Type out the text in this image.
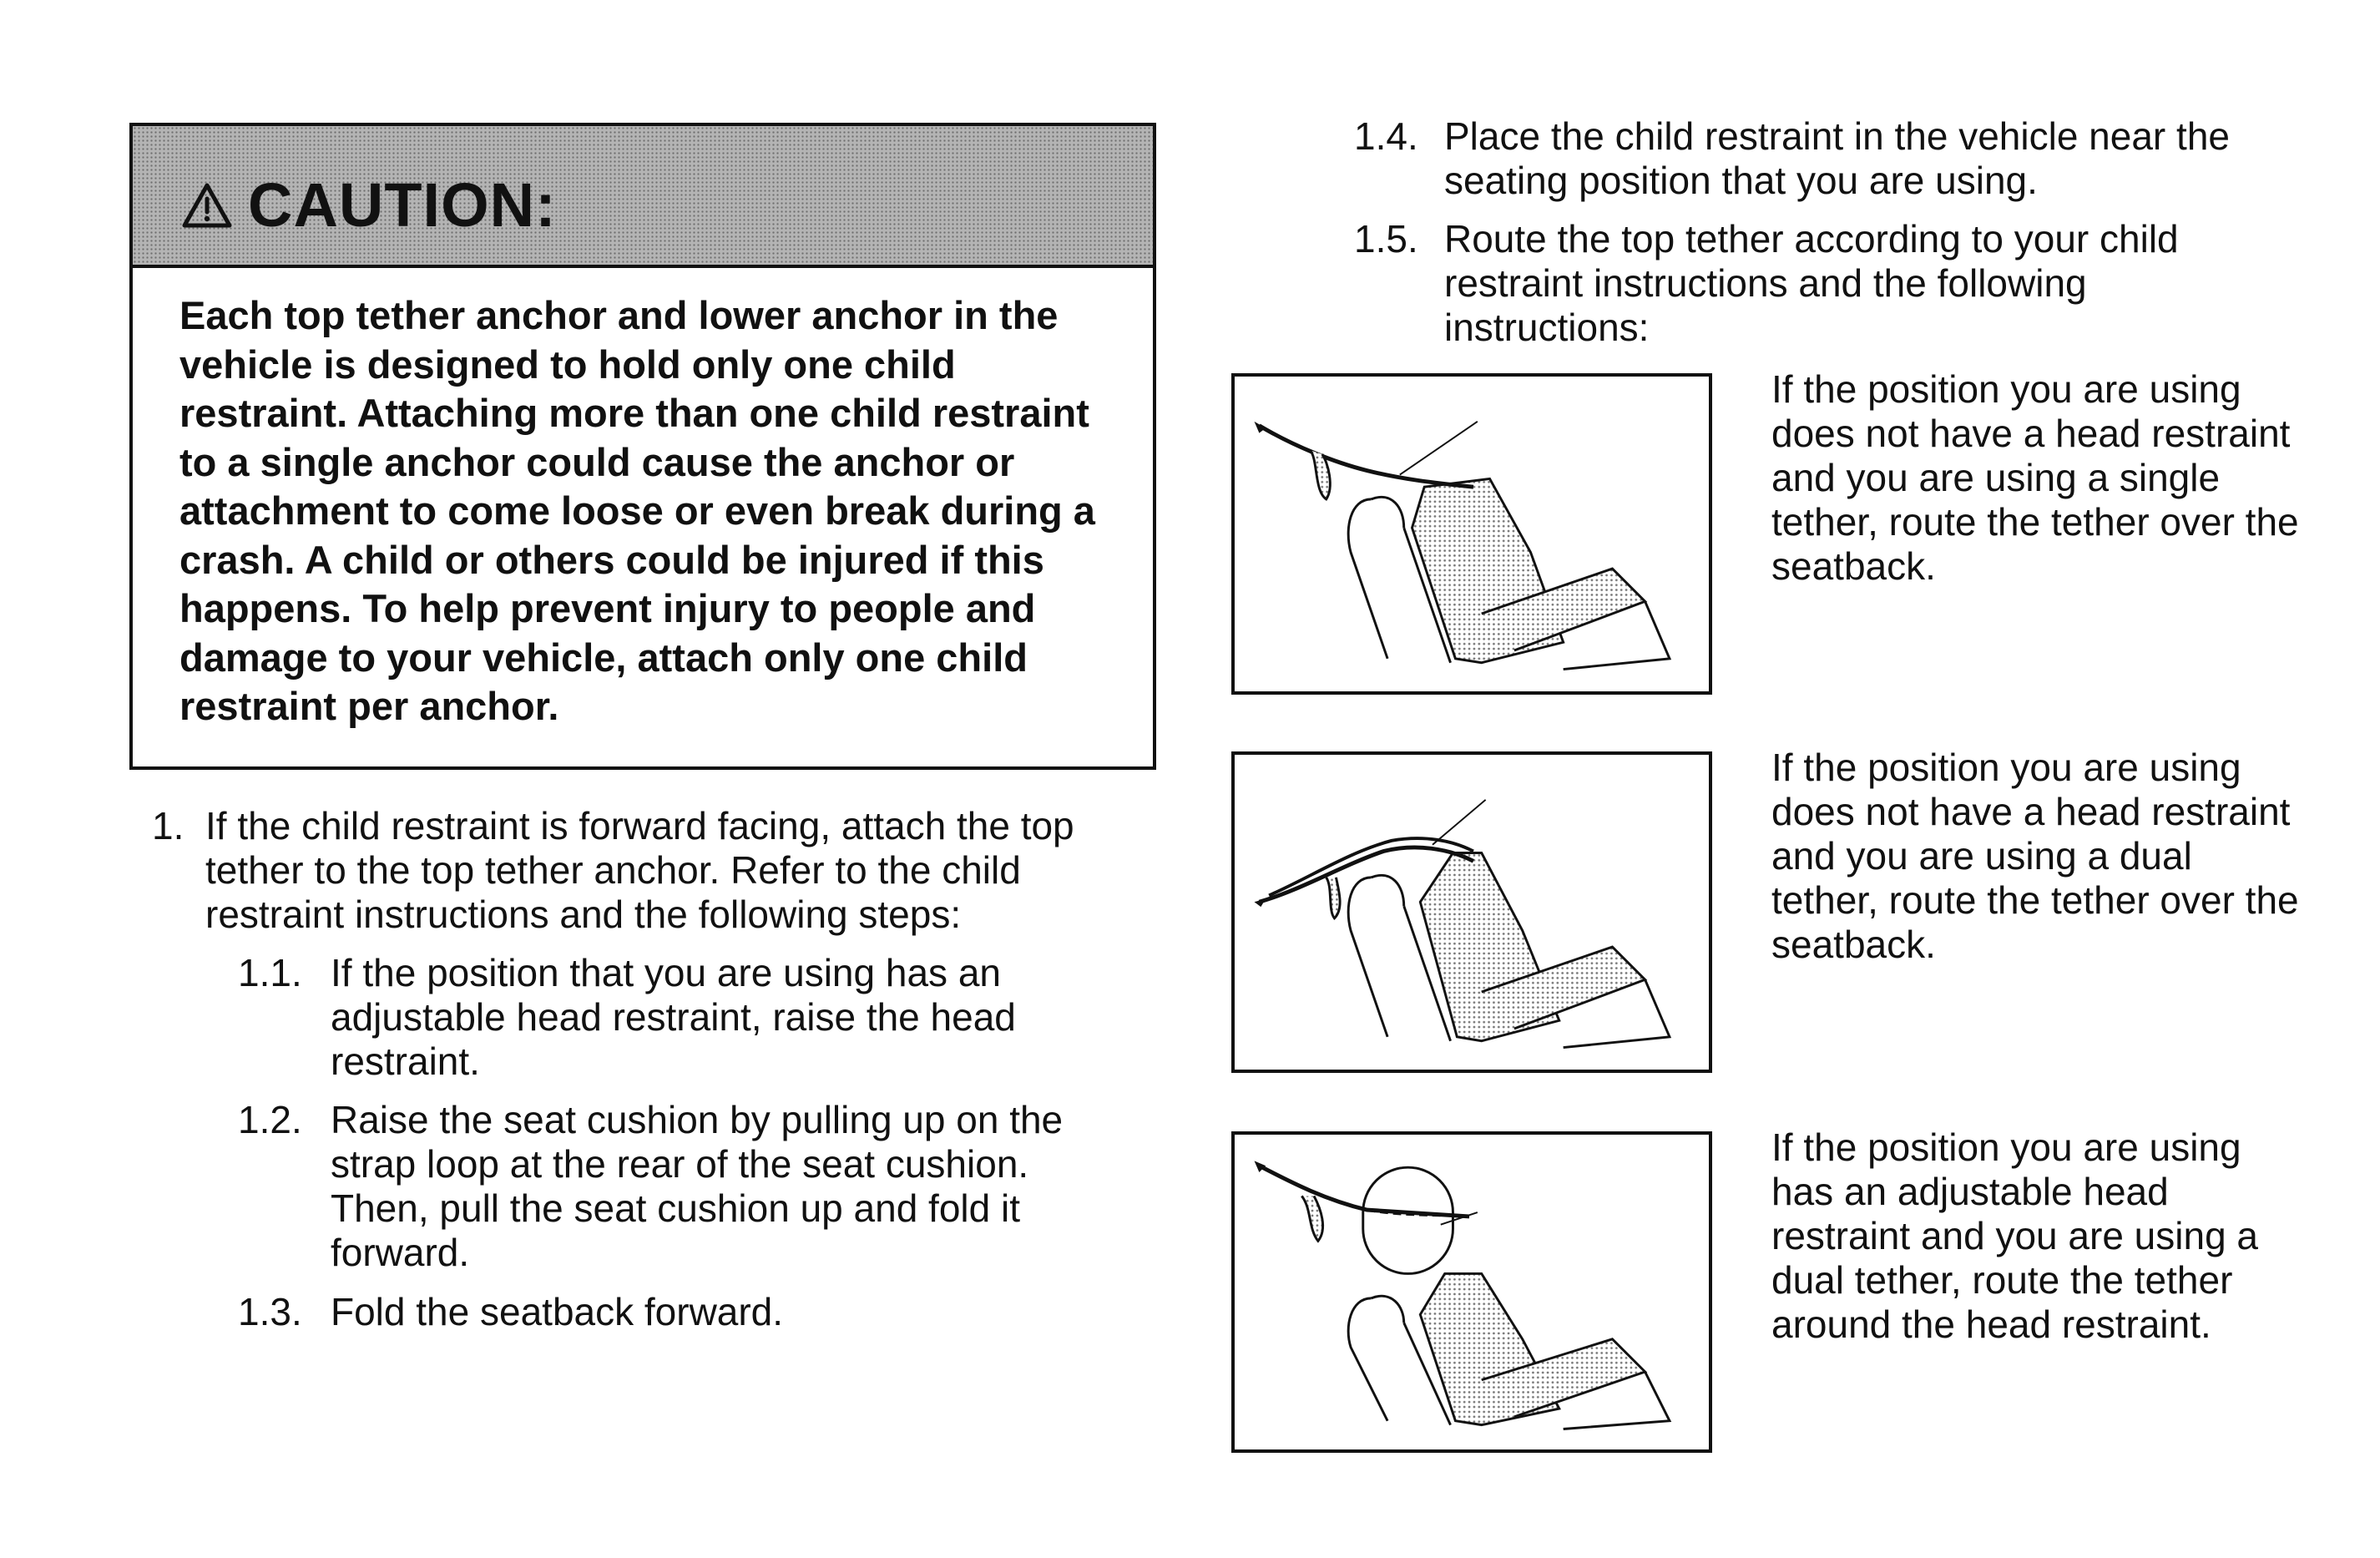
CAUTION:
Each top tether anchor and lower anchor in the vehicle is designed to hold only one child restraint. Attaching more than one child restraint to a single anchor could cause the anchor or attachment to come loose or even break during a crash. A child or others could be injured if this happens. To help prevent injury to people and damage to your vehicle, attach only one child restraint per anchor.
1. If the child restraint is forward facing, attach the top tether to the top tether anchor. Refer to the child restraint instructions and the following steps:
1.1. If the position that you are using has an adjustable head restraint, raise the head restraint.
1.2. Raise the seat cushion by pulling up on the strap loop at the rear of the seat cushion. Then, pull the seat cushion up and fold it forward.
1.3. Fold the seatback forward.
1.4. Place the child restraint in the vehicle near the seating position that you are using.
1.5. Route the top tether according to your child restraint instructions and the following instructions:
If the position you are using does not have a head restraint and you are using a single tether, route the tether over the seatback.
If the position you are using does not have a head restraint and you are using a dual tether, route the tether over the seatback.
If the position you are using has an adjustable head restraint and you are using a dual tether, route the tether around the head restraint.
